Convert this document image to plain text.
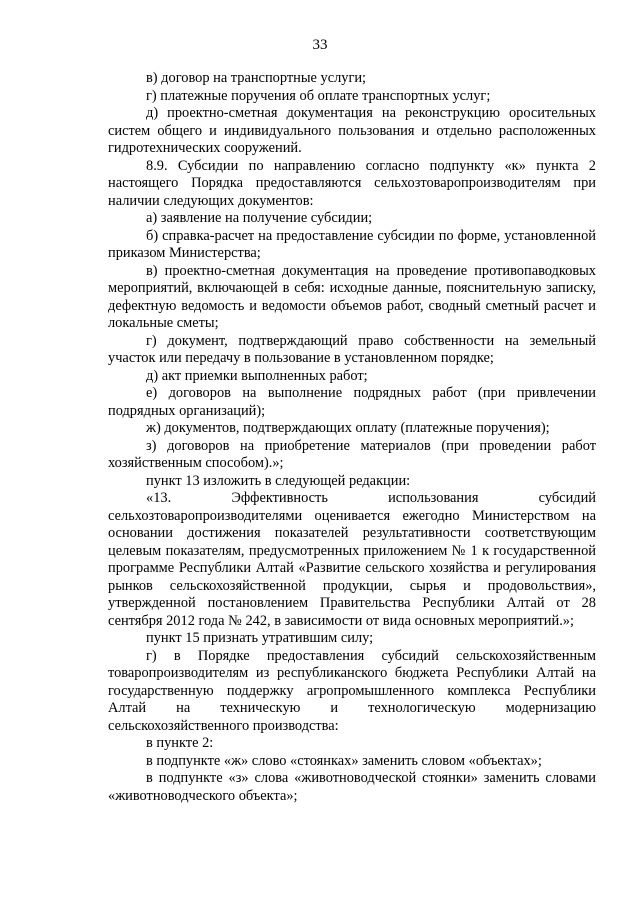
33

в) договор на транспортные услуги;

г) платежные поручения об оплате транспортных услуг;

д) проектно-сметная документация на реконструкцию оросительных систем общего и индивидуального пользования и отдельно расположенных гидротехнических сооружений.

8.9. Субсидии по направлению согласно подпункту «к» пункта 2 настоящего Порядка предоставляются сельхозтоваропроизводителям при наличии следующих документов:

а) заявление на получение субсидии;

б) справка-расчет на предоставление субсидии по форме, установленной приказом Министерства;

в) проектно-сметная документация на проведение противопаводковых мероприятий, включающей в себя: исходные данные, пояснительную записку, дефектную ведомость и ведомости объемов работ, сводный сметный расчет и локальные сметы;

г) документ, подтверждающий право собственности на земельный участок или передачу в пользование в установленном порядке;

д) акт приемки выполненных работ;

е) договоров на выполнение подрядных работ (при привлечении подрядных организаций);

ж) документов, подтверждающих оплату (платежные поручения);

з) договоров на приобретение материалов (при проведении работ хозяйственным способом).»;

пункт 13 изложить в следующей редакции:

«13. Эффективность использования субсидий сельхозтоваропроизводителями оценивается ежегодно Министерством на основании достижения показателей результативности соответствующим целевым показателям, предусмотренных приложением № 1 к государственной программе Республики Алтай «Развитие сельского хозяйства и регулирования рынков сельскохозяйственной продукции, сырья и продовольствия», утвержденной постановлением Правительства Республики Алтай от 28 сентября 2012 года № 242, в зависимости от вида основных мероприятий.»;

пункт 15 признать утратившим силу;

г) в Порядке предоставления субсидий сельскохозяйственным товаропроизводителям из республиканского бюджета Республики Алтай на государственную поддержку агропромышленного комплекса Республики Алтай на техническую и технологическую модернизацию сельскохозяйственного производства:

в пункте 2:

в подпункте «ж» слово «стоянках» заменить словом «объектах»;

в подпункте «з» слова «животноводческой стоянки» заменить словами «животноводческого объекта»;
